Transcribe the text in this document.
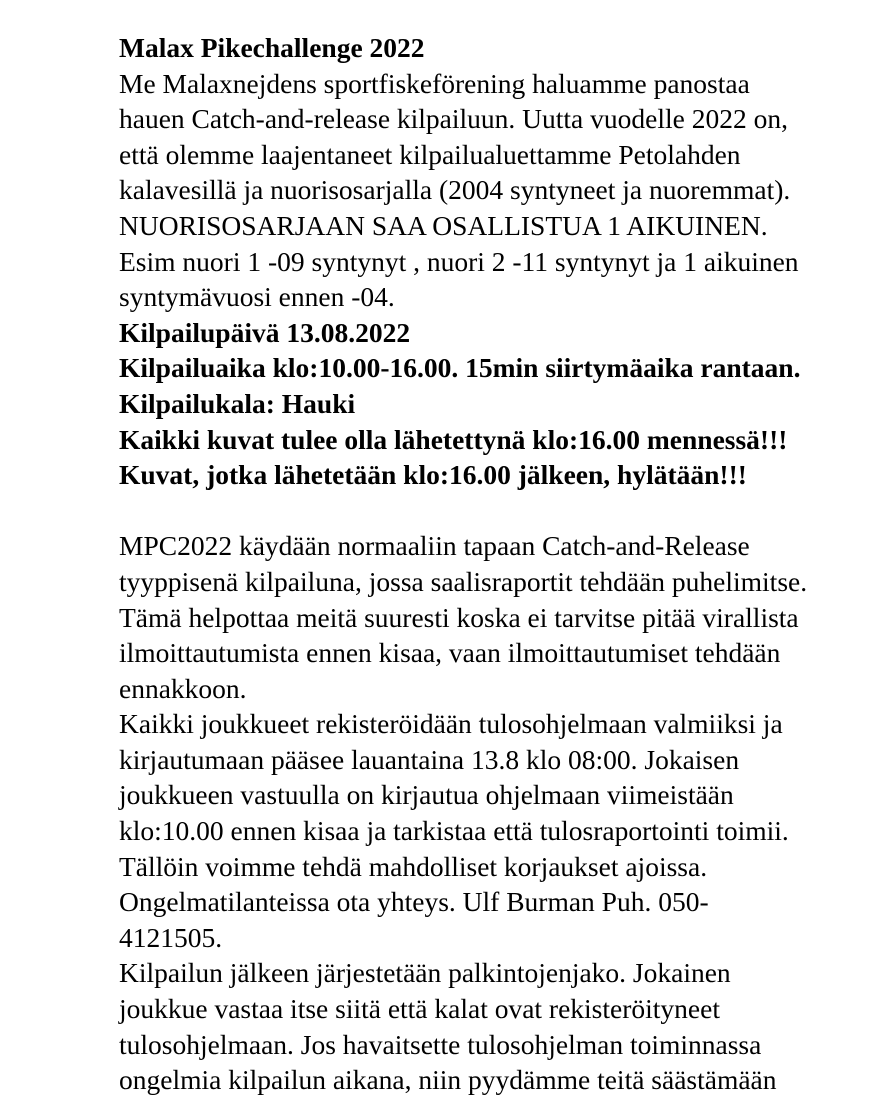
Malax Pikechallenge 2022
Me Malaxnejdens sportfiskeförening haluamme panostaa
hauen Catch-and-release kilpailuun. Uutta vuodelle 2022 on,
että olemme laajentaneet kilpailualuettamme Petolahden
kalavesillä ja nuorisosarjalla (2004 syntyneet ja nuoremmat).
NUORISOSARJAAN SAA OSALLISTUA 1 AIKUINEN.
Esim nuori 1 -09 syntynyt , nuori 2 -11 syntynyt ja 1 aikuinen
syntymävuosi ennen -04.
Kilpailupäivä 13.08.2022
Kilpailuaika klo:10.00-16.00. 15min siirtymäaika rantaan.
Kilpailukala: Hauki
Kaikki kuvat tulee olla lähetettynä klo:16.00 mennessä!!!
Kuvat, jotka lähetetään klo:16.00 jälkeen, hylätään!!!
MPC2022 käydään normaaliin tapaan Catch-and-Release
tyyppisenä kilpailuna, jossa saalisraportit tehdään puhelimitse.
Tämä helpottaa meitä suuresti koska ei tarvitse pitää virallista
ilmoittautumista ennen kisaa, vaan ilmoittautumiset tehdään
ennakkoon.
Kaikki joukkueet rekisteröidään tulosohjelmaan valmiiksi ja
kirjautumaan pääsee lauantaina 13.8 klo 08:00. Jokaisen
joukkueen vastuulla on kirjautua ohjelmaan viimeistään
klo:10.00 ennen kisaa ja tarkistaa että tulosraportointi toimii.
Tällöin voimme tehdä mahdolliset korjaukset ajoissa.
Ongelmatilanteissa ota yhteys. Ulf Burman Puh. 050-
4121505.
Kilpailun jälkeen järjestetään palkintojenjako. Jokainen
joukkue vastaa itse siitä että kalat ovat rekisteröityneet
tulosohjelmaan. Jos havaitsette tulosohjelman toiminnassa
ongelmia kilpailun aikana, niin pyydämme teitä säästämään
